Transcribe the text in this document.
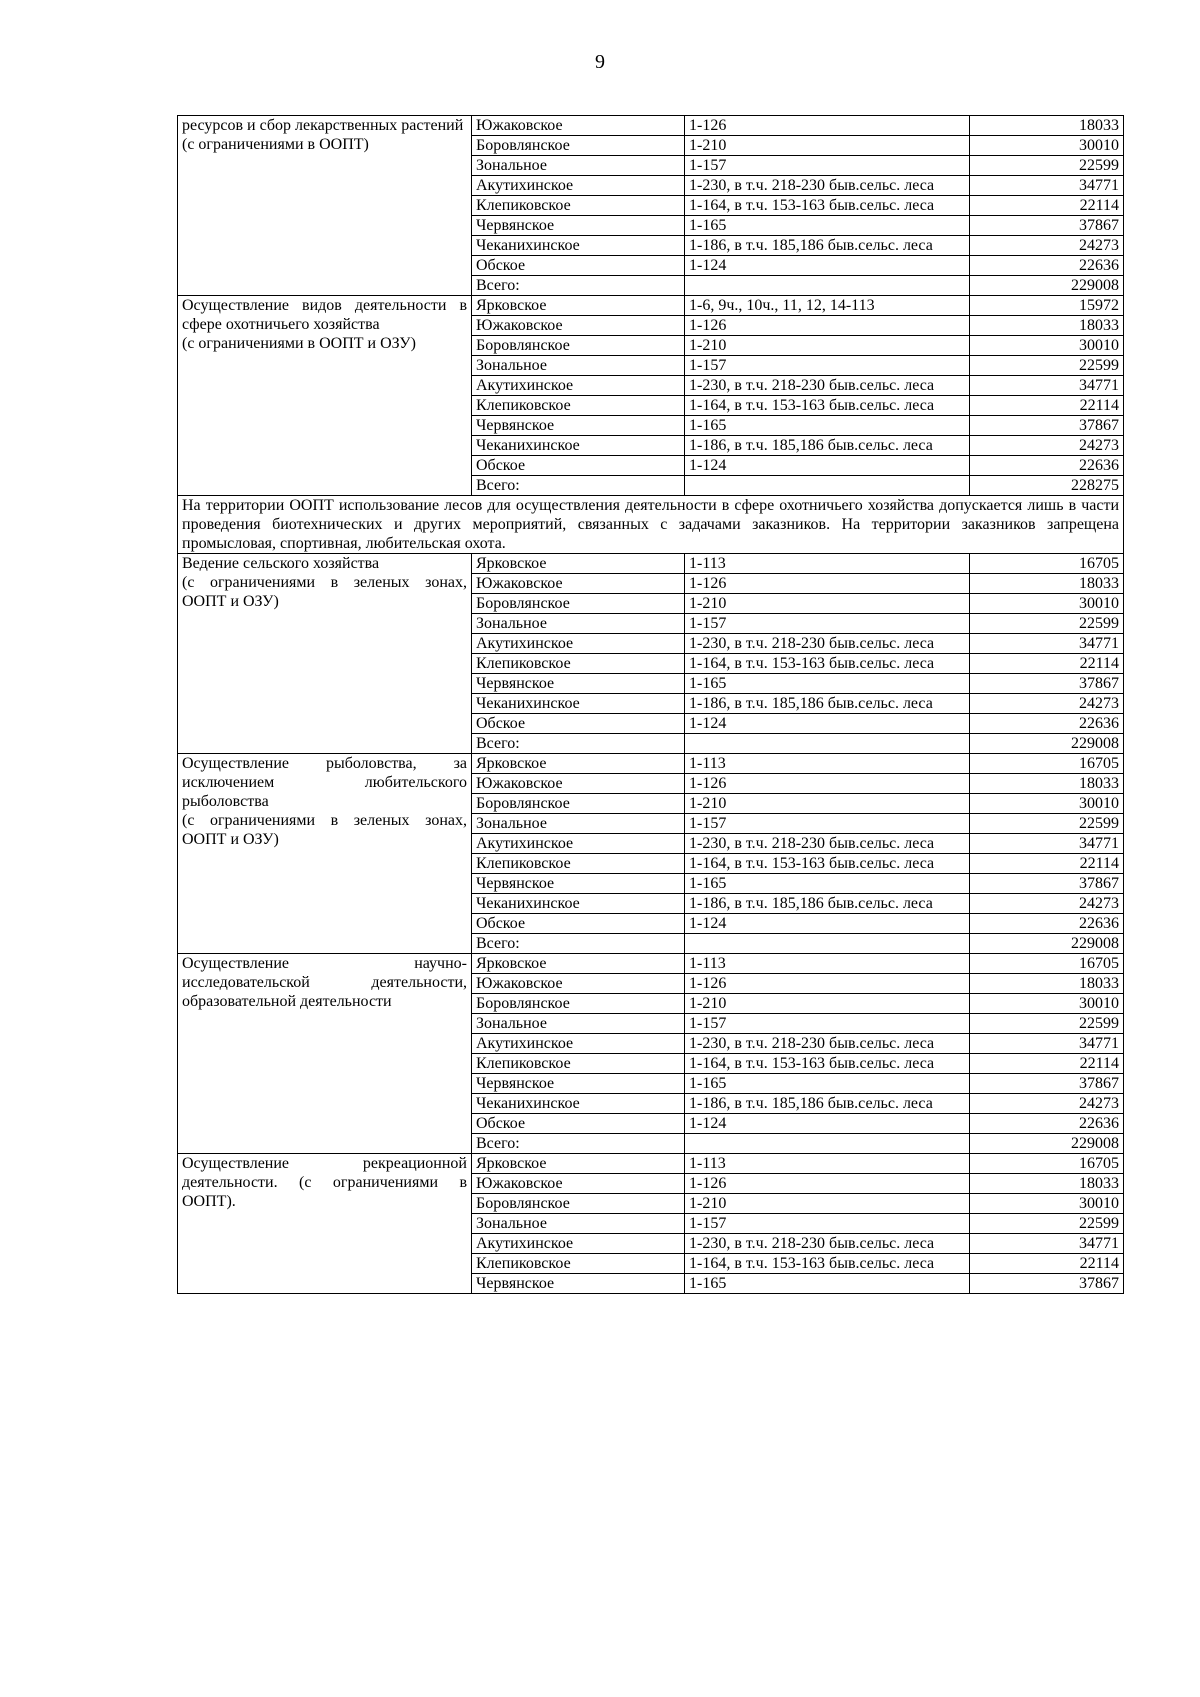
9
ресурсов и сбор лекарственных растений
(с ограничениями в ООПТ)	Южаковское	1-126	18033
	Боровлянское	1-210	30010
	Зональное	1-157	22599
	Акутихинское	1-230, в т.ч. 218-230 быв.сельс. леса	34771
	Клепиковское	1-164, в т.ч. 153-163 быв.сельс. леса	22114
	Червянское	1-165	37867
	Чеканихинское	1-186, в т.ч. 185,186 быв.сельс. леса	24273
	Обское	1-124	22636
	Всего:		229008

Осуществление видов деятельности в сфере охотничьего хозяйства
(с ограничениями в ООПТ и ОЗУ)	Ярковское	1-6, 9ч., 10ч., 11, 12, 14-113	15972
	Южаковское	1-126	18033
	Боровлянское	1-210	30010
	Зональное	1-157	22599
	Акутихинское	1-230, в т.ч. 218-230 быв.сельс. леса	34771
	Клепиковское	1-164, в т.ч. 153-163 быв.сельс. леса	22114
	Червянское	1-165	37867
	Чеканихинское	1-186, в т.ч. 185,186 быв.сельс. леса	24273
	Обское	1-124	22636
	Всего:		228275
На территории ООПТ использование лесов для осуществления деятельности в сфере охотничьего хозяйства допускается лишь в части проведения биотехнических и других мероприятий, связанных с задачами заказников. На территории заказников запрещена промысловая, спортивная, любительская охота.			

Ведение сельского хозяйства
(с ограничениями в зеленых зонах, ООПТ и ОЗУ)	Ярковское	1-113	16705
	Южаковское	1-126	18033
	Боровлянское	1-210	30010
	Зональное	1-157	22599
	Акутихинское	1-230, в т.ч. 218-230 быв.сельс. леса	34771
	Клепиковское	1-164, в т.ч. 153-163 быв.сельс. леса	22114
	Червянское	1-165	37867
	Чеканихинское	1-186, в т.ч. 185,186 быв.сельс. леса	24273
	Обское	1-124	22636
	Всего:		229008

Осуществление рыболовства, за исключением любительского рыболовства
(с ограничениями в зеленых зонах, ООПТ и ОЗУ)	Ярковское	1-113	16705
	Южаковское	1-126	18033
	Боровлянское	1-210	30010
	Зональное	1-157	22599
	Акутихинское	1-230, в т.ч. 218-230 быв.сельс. леса	34771
	Клепиковское	1-164, в т.ч. 153-163 быв.сельс. леса	22114
	Червянское	1-165	37867
	Чеканихинское	1-186, в т.ч. 185,186 быв.сельс. леса	24273
	Обское	1-124	22636
	Всего:		229008

Осуществление научно-исследовательской деятельности, образовательной деятельности	Ярковское	1-113	16705
	Южаковское	1-126	18033
	Боровлянское	1-210	30010
	Зональное	1-157	22599
	Акутихинское	1-230, в т.ч. 218-230 быв.сельс. леса	34771
	Клепиковское	1-164, в т.ч. 153-163 быв.сельс. леса	22114
	Червянское	1-165	37867
	Чеканихинское	1-186, в т.ч. 185,186 быв.сельс. леса	24273
	Обское	1-124	22636
	Всего:		229008

Осуществление рекреационной деятельности. (с ограничениями в ООПТ).	Ярковское	1-113	16705
	Южаковское	1-126	18033
	Боровлянское	1-210	30010
	Зональное	1-157	22599
	Акутихинское	1-230, в т.ч. 218-230 быв.сельс. леса	34771
	Клепиковское	1-164, в т.ч. 153-163 быв.сельс. леса	22114
	Червянское	1-165	37867
